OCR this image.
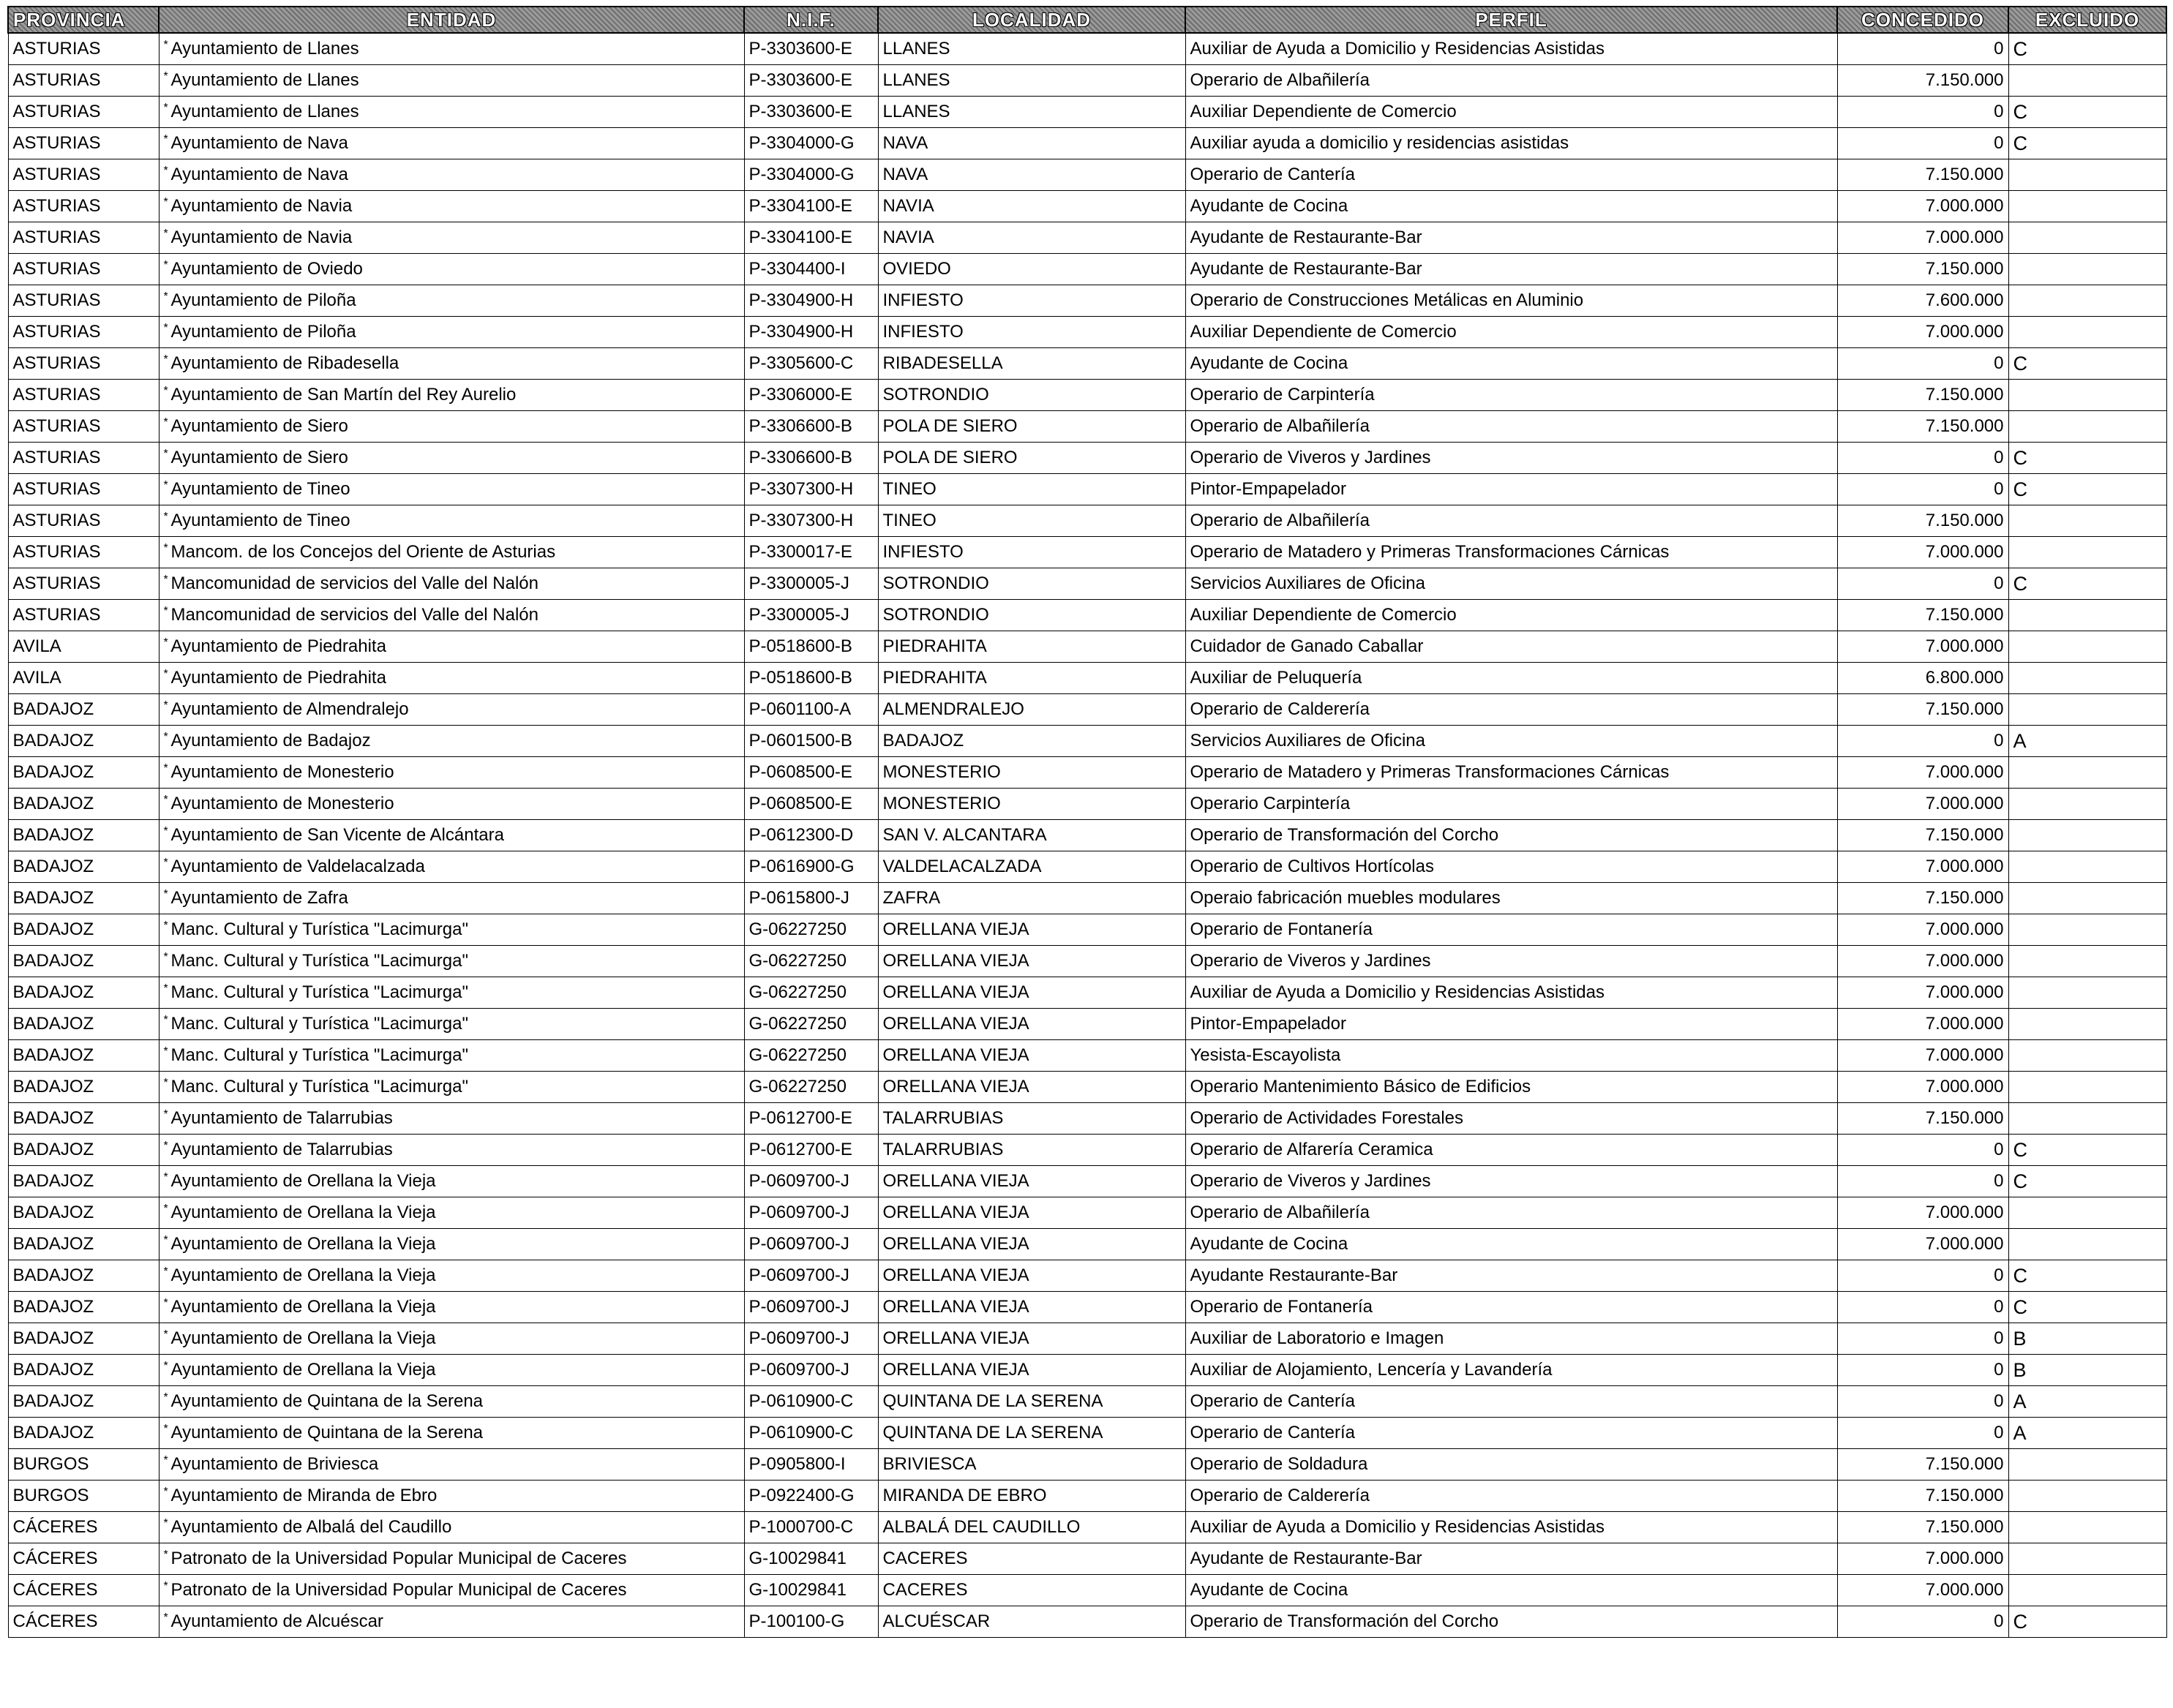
PROVINCIA	ENTIDAD	N.I.F.	LOCALIDAD	PERFIL	CONCEDIDO	EXCLUIDO
ASTURIAS	* Ayuntamiento de Llanes	P-3303600-E	LLANES	Auxiliar de Ayuda a Domicilio y Residencias Asistidas	0	C
ASTURIAS	* Ayuntamiento de Llanes	P-3303600-E	LLANES	Operario de Albañilería	7.150.000	
ASTURIAS	* Ayuntamiento de Llanes	P-3303600-E	LLANES	Auxiliar Dependiente de Comercio	0	C
ASTURIAS	* Ayuntamiento de Nava	P-3304000-G	NAVA	Auxiliar ayuda a domicilio y residencias asistidas	0	C
ASTURIAS	* Ayuntamiento de Nava	P-3304000-G	NAVA	Operario de Cantería	7.150.000	
ASTURIAS	* Ayuntamiento de Navia	P-3304100-E	NAVIA	Ayudante de Cocina	7.000.000	
ASTURIAS	* Ayuntamiento de Navia	P-3304100-E	NAVIA	Ayudante de Restaurante-Bar	7.000.000	
ASTURIAS	* Ayuntamiento de Oviedo	P-3304400-I	OVIEDO	Ayudante de Restaurante-Bar	7.150.000	
ASTURIAS	* Ayuntamiento de Piloña	P-3304900-H	INFIESTO	Operario de Construcciones Metálicas en Aluminio	7.600.000	
ASTURIAS	* Ayuntamiento de Piloña	P-3304900-H	INFIESTO	Auxiliar Dependiente de Comercio	7.000.000	
ASTURIAS	* Ayuntamiento de Ribadesella	P-3305600-C	RIBADESELLA	Ayudante de Cocina	0	C
ASTURIAS	* Ayuntamiento de San Martín del Rey Aurelio	P-3306000-E	SOTRONDIO	Operario de Carpintería	7.150.000	
ASTURIAS	* Ayuntamiento de Siero	P-3306600-B	POLA DE SIERO	Operario de Albañilería	7.150.000	
ASTURIAS	* Ayuntamiento de Siero	P-3306600-B	POLA DE SIERO	Operario de Viveros y Jardines	0	C
ASTURIAS	* Ayuntamiento de Tineo	P-3307300-H	TINEO	Pintor-Empapelador	0	C
ASTURIAS	* Ayuntamiento de Tineo	P-3307300-H	TINEO	Operario de Albañilería	7.150.000	
ASTURIAS	* Mancom. de los Concejos del Oriente de Asturias	P-3300017-E	INFIESTO	Operario de Matadero y Primeras Transformaciones Cárnicas	7.000.000	
ASTURIAS	* Mancomunidad de servicios del Valle del Nalón	P-3300005-J	SOTRONDIO	Servicios Auxiliares de Oficina	0	C
ASTURIAS	* Mancomunidad de servicios del Valle del Nalón	P-3300005-J	SOTRONDIO	Auxiliar Dependiente de Comercio	7.150.000	
AVILA	* Ayuntamiento de Piedrahita	P-0518600-B	PIEDRAHITA	Cuidador de Ganado Caballar	7.000.000	
AVILA	* Ayuntamiento de Piedrahita	P-0518600-B	PIEDRAHITA	Auxiliar de Peluquería	6.800.000	
BADAJOZ	* Ayuntamiento de Almendralejo	P-0601100-A	ALMENDRALEJO	Operario de Calderería	7.150.000	
BADAJOZ	* Ayuntamiento de Badajoz	P-0601500-B	BADAJOZ	Servicios Auxiliares de Oficina	0	A
BADAJOZ	* Ayuntamiento de Monesterio	P-0608500-E	MONESTERIO	Operario de Matadero y Primeras Transformaciones Cárnicas	7.000.000	
BADAJOZ	* Ayuntamiento de Monesterio	P-0608500-E	MONESTERIO	Operario Carpintería	7.000.000	
BADAJOZ	* Ayuntamiento de San Vicente de Alcántara	P-0612300-D	SAN V. ALCANTARA	Operario de Transformación del Corcho	7.150.000	
BADAJOZ	* Ayuntamiento de Valdelacalzada	P-0616900-G	VALDELACALZADA	Operario de Cultivos Hortícolas	7.000.000	
BADAJOZ	* Ayuntamiento de Zafra	P-0615800-J	ZAFRA	Operaio fabricación muebles modulares	7.150.000	
BADAJOZ	* Manc. Cultural y Turística "Lacimurga"	G-06227250	ORELLANA VIEJA	Operario de Fontanería	7.000.000	
BADAJOZ	* Manc. Cultural y Turística "Lacimurga"	G-06227250	ORELLANA VIEJA	Operario de Viveros y Jardines	7.000.000	
BADAJOZ	* Manc. Cultural y Turística "Lacimurga"	G-06227250	ORELLANA VIEJA	Auxiliar de Ayuda a Domicilio y Residencias Asistidas	7.000.000	
BADAJOZ	* Manc. Cultural y Turística "Lacimurga"	G-06227250	ORELLANA VIEJA	Pintor-Empapelador	7.000.000	
BADAJOZ	* Manc. Cultural y Turística "Lacimurga"	G-06227250	ORELLANA VIEJA	Yesista-Escayolista	7.000.000	
BADAJOZ	* Manc. Cultural y Turística "Lacimurga"	G-06227250	ORELLANA VIEJA	Operario Mantenimiento Básico de Edificios	7.000.000	
BADAJOZ	* Ayuntamiento de Talarrubias	P-0612700-E	TALARRUBIAS	Operario de Actividades Forestales	7.150.000	
BADAJOZ	* Ayuntamiento de Talarrubias	P-0612700-E	TALARRUBIAS	Operario de Alfarería Ceramica	0	C
BADAJOZ	* Ayuntamiento de Orellana la Vieja	P-0609700-J	ORELLANA VIEJA	Operario de Viveros y Jardines	0	C
BADAJOZ	* Ayuntamiento de Orellana la Vieja	P-0609700-J	ORELLANA VIEJA	Operario de Albañilería	7.000.000	
BADAJOZ	* Ayuntamiento de Orellana la Vieja	P-0609700-J	ORELLANA VIEJA	Ayudante de Cocina	7.000.000	
BADAJOZ	* Ayuntamiento de Orellana la Vieja	P-0609700-J	ORELLANA VIEJA	Ayudante Restaurante-Bar	0	C
BADAJOZ	* Ayuntamiento de Orellana la Vieja	P-0609700-J	ORELLANA VIEJA	Operario de Fontanería	0	C
BADAJOZ	* Ayuntamiento de Orellana la Vieja	P-0609700-J	ORELLANA VIEJA	Auxiliar de Laboratorio e Imagen	0	B
BADAJOZ	* Ayuntamiento de Orellana la Vieja	P-0609700-J	ORELLANA VIEJA	Auxiliar de Alojamiento, Lencería y Lavandería	0	B
BADAJOZ	* Ayuntamiento de Quintana de la Serena	P-0610900-C	QUINTANA DE LA SERENA	Operario de Cantería	0	A
BADAJOZ	* Ayuntamiento de Quintana de la Serena	P-0610900-C	QUINTANA DE LA SERENA	Operario de Cantería	0	A
BURGOS	* Ayuntamiento de Briviesca	P-0905800-I	BRIVIESCA	Operario de Soldadura	7.150.000	
BURGOS	* Ayuntamiento de Miranda de Ebro	P-0922400-G	MIRANDA DE EBRO	Operario de Calderería	7.150.000	
CÁCERES	* Ayuntamiento de Albalá del Caudillo	P-1000700-C	ALBALÁ DEL CAUDILLO	Auxiliar de Ayuda a Domicilio y Residencias Asistidas	7.150.000	
CÁCERES	* Patronato de la Universidad Popular Municipal de Caceres	G-10029841	CACERES	Ayudante de Restaurante-Bar	7.000.000	
CÁCERES	* Patronato de la Universidad Popular Municipal de Caceres	G-10029841	CACERES	Ayudante de Cocina	7.000.000	
CÁCERES	* Ayuntamiento de Alcuéscar	P-100100-G	ALCUÉSCAR	Operario de Transformación del Corcho	0	C
